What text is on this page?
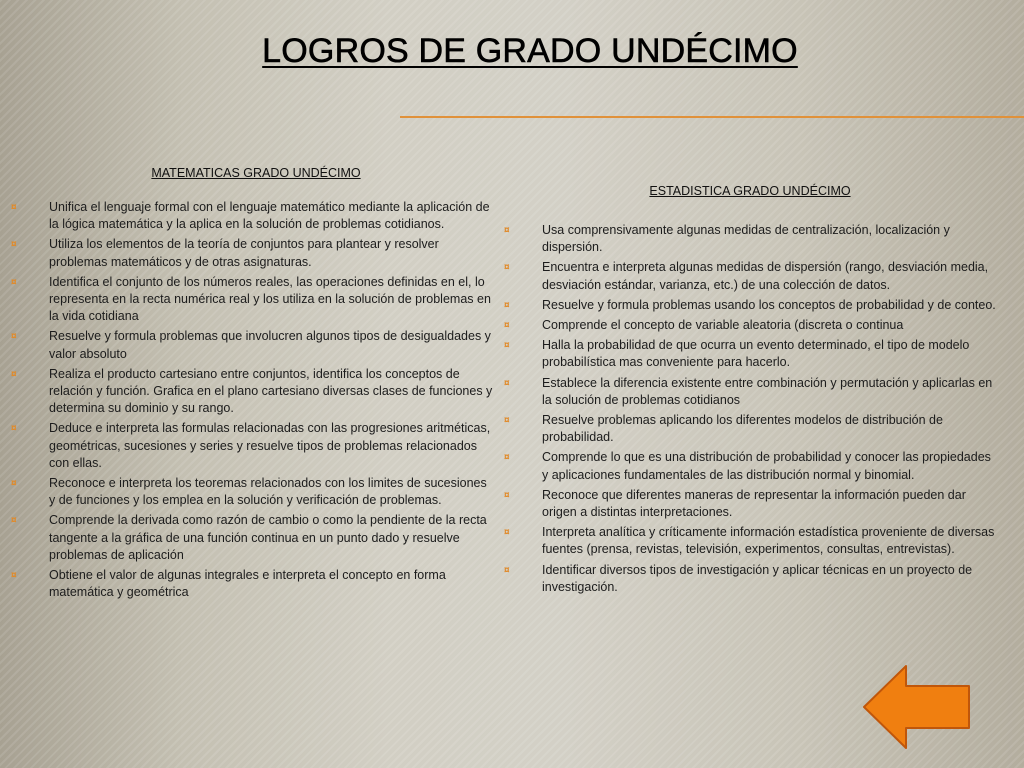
LOGROS DE GRADO UNDÉCIMO
MATEMATICAS GRADO UNDÉCIMO
¤	Unifica el lenguaje formal con el lenguaje matemático mediante la aplicación de la lógica matemática y la aplica en la solución de problemas cotidianos.
¤	Utiliza los elementos de la teoría de conjuntos para plantear y resolver problemas matemáticos y de otras asignaturas.
¤	Identifica el conjunto de los números reales, las operaciones definidas en el, lo representa en la recta numérica real y los utiliza en la solución de problemas en la vida cotidiana
¤	Resuelve y formula problemas que involucren algunos tipos de desigualdades y valor absoluto
¤	Realiza el producto cartesiano entre conjuntos, identifica los conceptos de relación y función. Grafica en el plano cartesiano diversas clases de funciones y determina su dominio y su rango.
¤	Deduce e interpreta las formulas relacionadas con las progresiones aritméticas, geométricas, sucesiones y series y resuelve tipos de problemas relacionados con ellas.
¤	Reconoce e interpreta los teoremas relacionados con los limites de sucesiones y de funciones y los emplea en la solución y verificación de problemas.
¤	Comprende la derivada como razón de cambio o como la pendiente de la recta tangente a la gráfica de una función continua en un punto dado y resuelve problemas de aplicación
¤	Obtiene el valor de algunas integrales e interpreta el concepto en forma matemática y geométrica
ESTADISTICA GRADO UNDÉCIMO
¤	Usa comprensivamente algunas medidas de centralización, localización y dispersión.
¤	Encuentra e interpreta algunas medidas de dispersión (rango, desviación media, desviación estándar, varianza, etc.) de una colección de datos.
¤	Resuelve y formula problemas usando los conceptos de probabilidad y de conteo.
¤	Comprende el concepto de variable aleatoria (discreta o continua
¤	Halla la probabilidad de que ocurra un evento determinado, el tipo de modelo probabilística mas conveniente para hacerlo.
¤	Establece la diferencia existente entre combinación y permutación y aplicarlas en la solución de problemas cotidianos
¤	Resuelve problemas aplicando los diferentes modelos de distribución de probabilidad.
¤	Comprende lo que es una distribución de probabilidad y conocer las propiedades y aplicaciones fundamentales de las distribución normal y binomial.
¤	Reconoce que diferentes maneras de representar la información pueden dar origen a distintas interpretaciones.
¤	Interpreta analítica y críticamente información estadística proveniente de diversas fuentes (prensa, revistas, televisión, experimentos, consultas, entrevistas).
¤	Identificar diversos tipos de investigación y aplicar técnicas en un proyecto de investigación.
